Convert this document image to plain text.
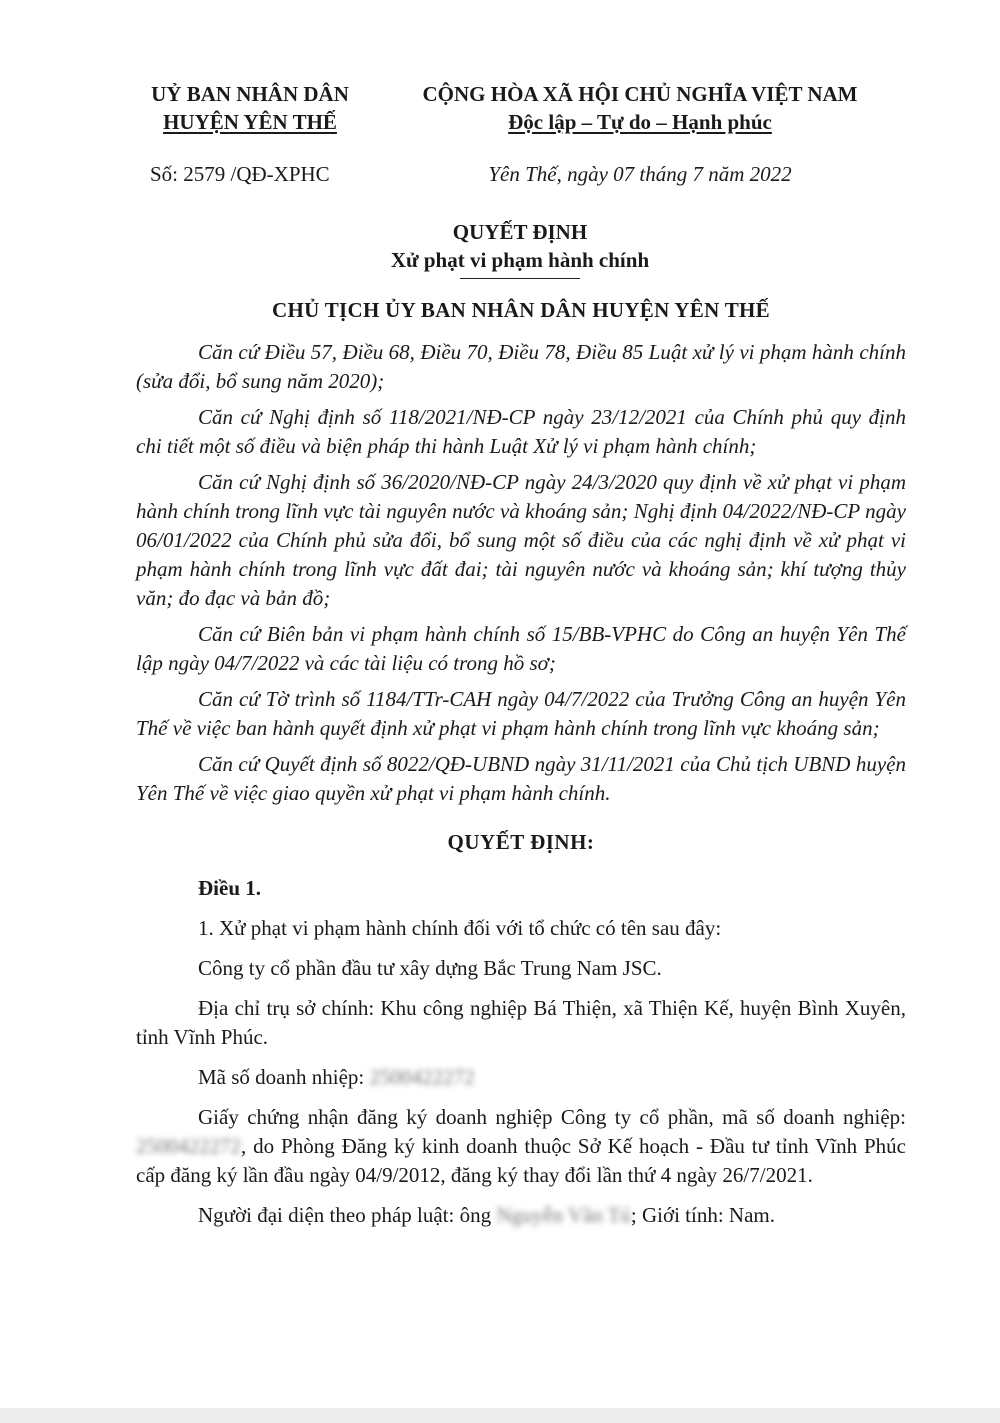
UỶ BAN NHÂN DÂN
HUYỆN YÊN THẾ
CỘNG HÒA XÃ HỘI CHỦ NGHĨA VIỆT NAM
Độc lập – Tự do – Hạnh phúc
Số: 2579 /QĐ-XPHC	Yên Thế, ngày 07 tháng 7 năm 2022
QUYẾT ĐỊNH
Xử phạt vi phạm hành chính
CHỦ TỊCH ỦY BAN NHÂN DÂN HUYỆN YÊN THẾ

Căn cứ Điều 57, Điều 68, Điều 70, Điều 78, Điều 85 Luật xử lý vi phạm hành chính (sửa đổi, bổ sung năm 2020);

Căn cứ Nghị định số 118/2021/NĐ-CP ngày 23/12/2021 của Chính phủ quy định chi tiết một số điều và biện pháp thi hành Luật Xử lý vi phạm hành chính;

Căn cứ Nghị định số 36/2020/NĐ-CP ngày 24/3/2020 quy định về xử phạt vi phạm hành chính trong lĩnh vực tài nguyên nước và khoáng sản; Nghị định 04/2022/NĐ-CP ngày 06/01/2022 của Chính phủ sửa đổi, bổ sung một số điều của các nghị định về xử phạt vi phạm hành chính trong lĩnh vực đất đai; tài nguyên nước và khoáng sản; khí tượng thủy văn; đo đạc và bản đồ;

Căn cứ Biên bản vi phạm hành chính số 15/BB-VPHC do Công an huyện Yên Thế lập ngày 04/7/2022 và các tài liệu có trong hồ sơ;

Căn cứ Tờ trình số 1184/TTr-CAH ngày 04/7/2022 của Trưởng Công an huyện Yên Thế về việc ban hành quyết định xử phạt vi phạm hành chính trong lĩnh vực khoáng sản;

Căn cứ Quyết định số 8022/QĐ-UBND ngày 31/11/2021 của Chủ tịch UBND huyện Yên Thế về việc giao quyền xử phạt vi phạm hành chính.

QUYẾT ĐỊNH:

Điều 1.

1. Xử phạt vi phạm hành chính đối với tổ chức có tên sau đây:

Công ty cổ phần đầu tư xây dựng Bắc Trung Nam JSC.

Địa chỉ trụ sở chính: Khu công nghiệp Bá Thiện, xã Thiện Kế, huyện Bình Xuyên, tỉnh Vĩnh Phúc.

Mã số doanh nhiệp: 2500422272

Giấy chứng nhận đăng ký doanh nghiệp Công ty cổ phần, mã số doanh nghiệp: 2500422272, do Phòng Đăng ký kinh doanh thuộc Sở Kế hoạch - Đầu tư tỉnh Vĩnh Phúc cấp đăng ký lần đầu ngày 04/9/2012, đăng ký thay đổi lần thứ 4 ngày 26/7/2021.

Người đại diện theo pháp luật: ông Nguyễn Văn Tú; Giới tính: Nam.
